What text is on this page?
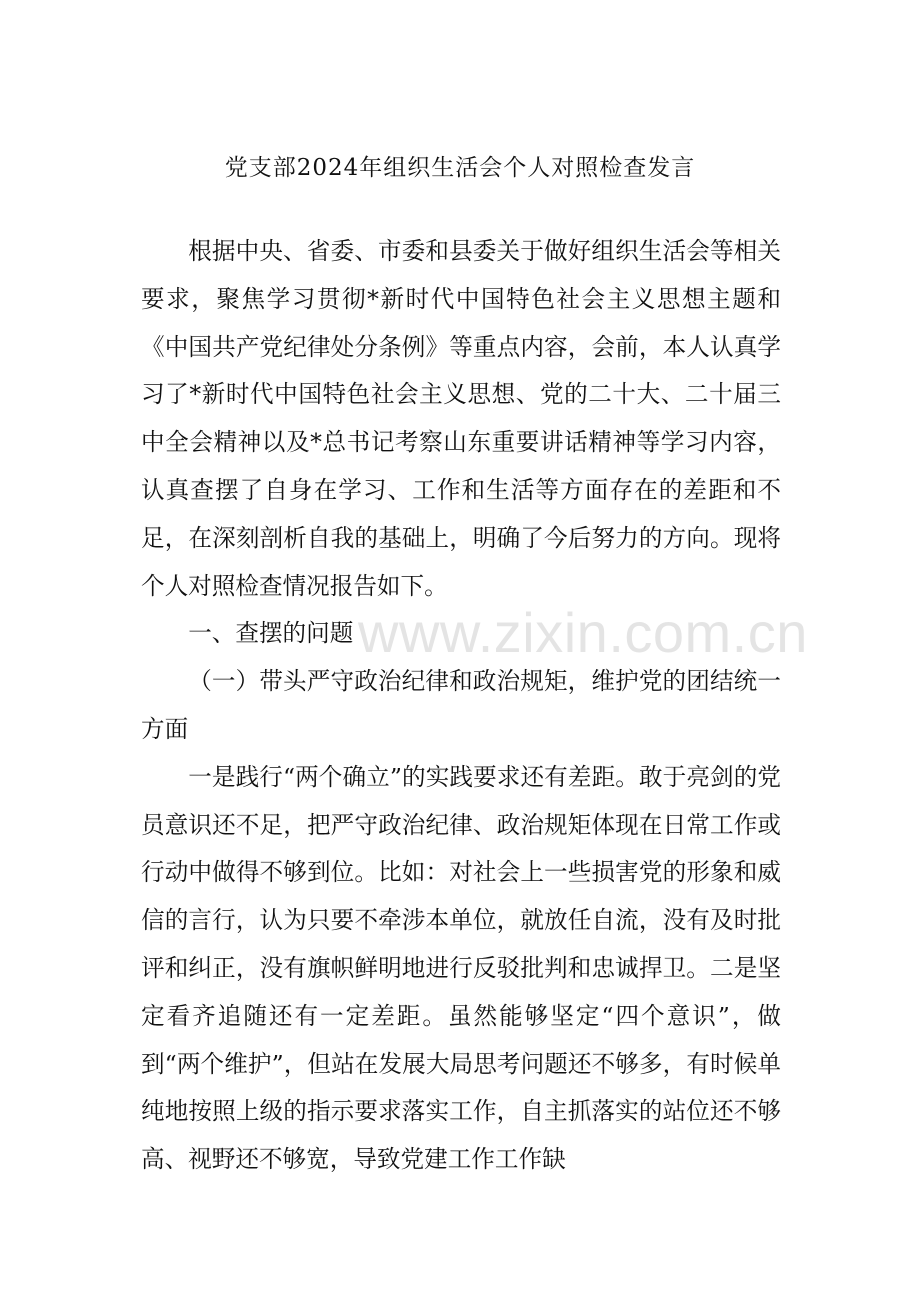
党支部2024年组织生活会个人对照检查发言

根据中央、省委、市委和县委关于做好组织生活会等相关要求，聚焦学习贯彻*新时代中国特色社会主义思想主题和《中国共产党纪律处分条例》等重点内容，会前，本人认真学习了*新时代中国特色社会主义思想、党的二十大、二十届三中全会精神以及*总书记考察山东重要讲话精神等学习内容，认真查摆了自身在学习、工作和生活等方面存在的差距和不足，在深刻剖析自我的基础上，明确了今后努力的方向。现将个人对照检查情况报告如下。

一、查摆的问题

（一）带头严守政治纪律和政治规矩，维护党的团结统一方面

一是践行“两个确立”的实践要求还有差距。敢于亮剑的党员意识还不足，把严守政治纪律、政治规矩体现在日常工作或行动中做得不够到位。比如：对社会上一些损害党的形象和威信的言行，认为只要不牵涉本单位，就放任自流，没有及时批评和纠正，没有旗帜鲜明地进行反驳批判和忠诚捍卫。二是坚定看齐追随还有一定差距。虽然能够坚定“四个意识”，做到“两个维护”，但站在发展大局思考问题还不够多，有时候单纯地按照上级的指示要求落实工作，自主抓落实的站位还不够高、视野还不够宽，导致党建工作工作缺

www.zixin.com.cn
